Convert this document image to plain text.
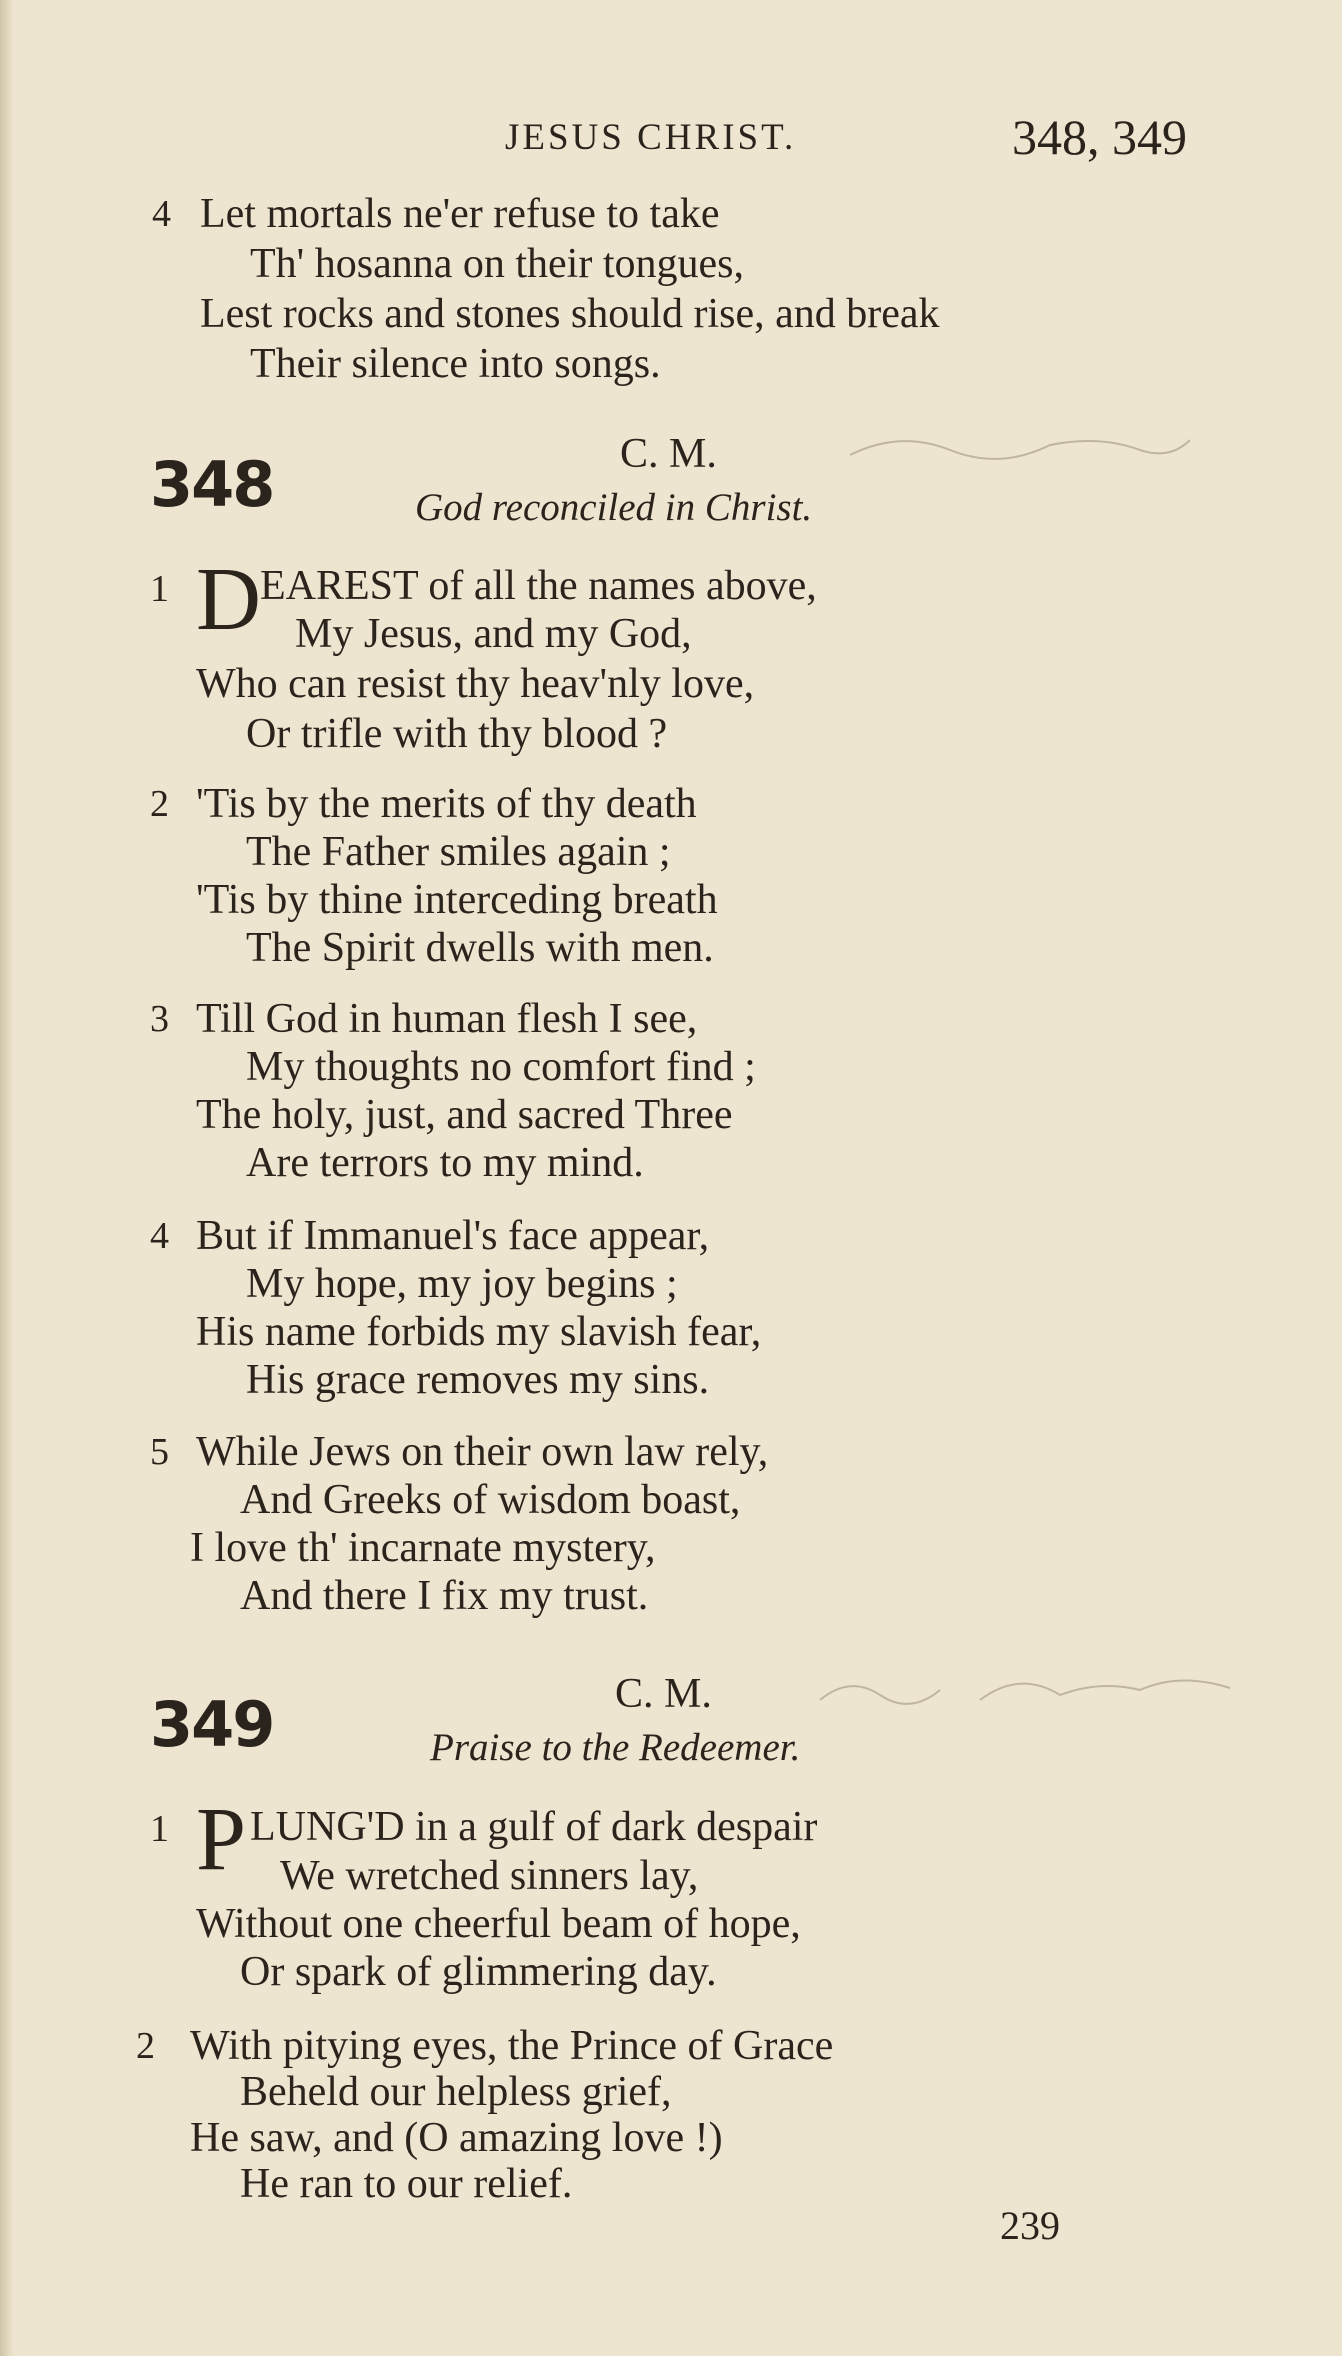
JESUS CHRIST.	348, 349
4 Let mortals ne'er refuse to take
Th' hosanna on their tongues,
Lest rocks and stones should rise, and break
Their silence into songs.
348	C. M.
God reconciled in Christ.
1 D EAREST of all the names above,
My Jesus, and my God,
Who can resist thy heav'nly love,
Or trifle with thy blood ?
2 'Tis by the merits of thy death
The Father smiles again ;
'Tis by thine interceding breath
The Spirit dwells with men.
3 Till God in human flesh I see,
My thoughts no comfort find ;
The holy, just, and sacred Three
Are terrors to my mind.
4 But if Immanuel's face appear,
My hope, my joy begins ;
His name forbids my slavish fear,
His grace removes my sins.
5 While Jews on their own law rely,
And Greeks of wisdom boast,
I love th' incarnate mystery,
And there I fix my trust.
349	C. M.
Praise to the Redeemer.
1 P LUNG'D in a gulf of dark despair
We wretched sinners lay,
Without one cheerful beam of hope,
Or spark of glimmering day.
2 With pitying eyes, the Prince of Grace
Beheld our helpless grief,
He saw, and (O amazing love !)
He ran to our relief.
239
